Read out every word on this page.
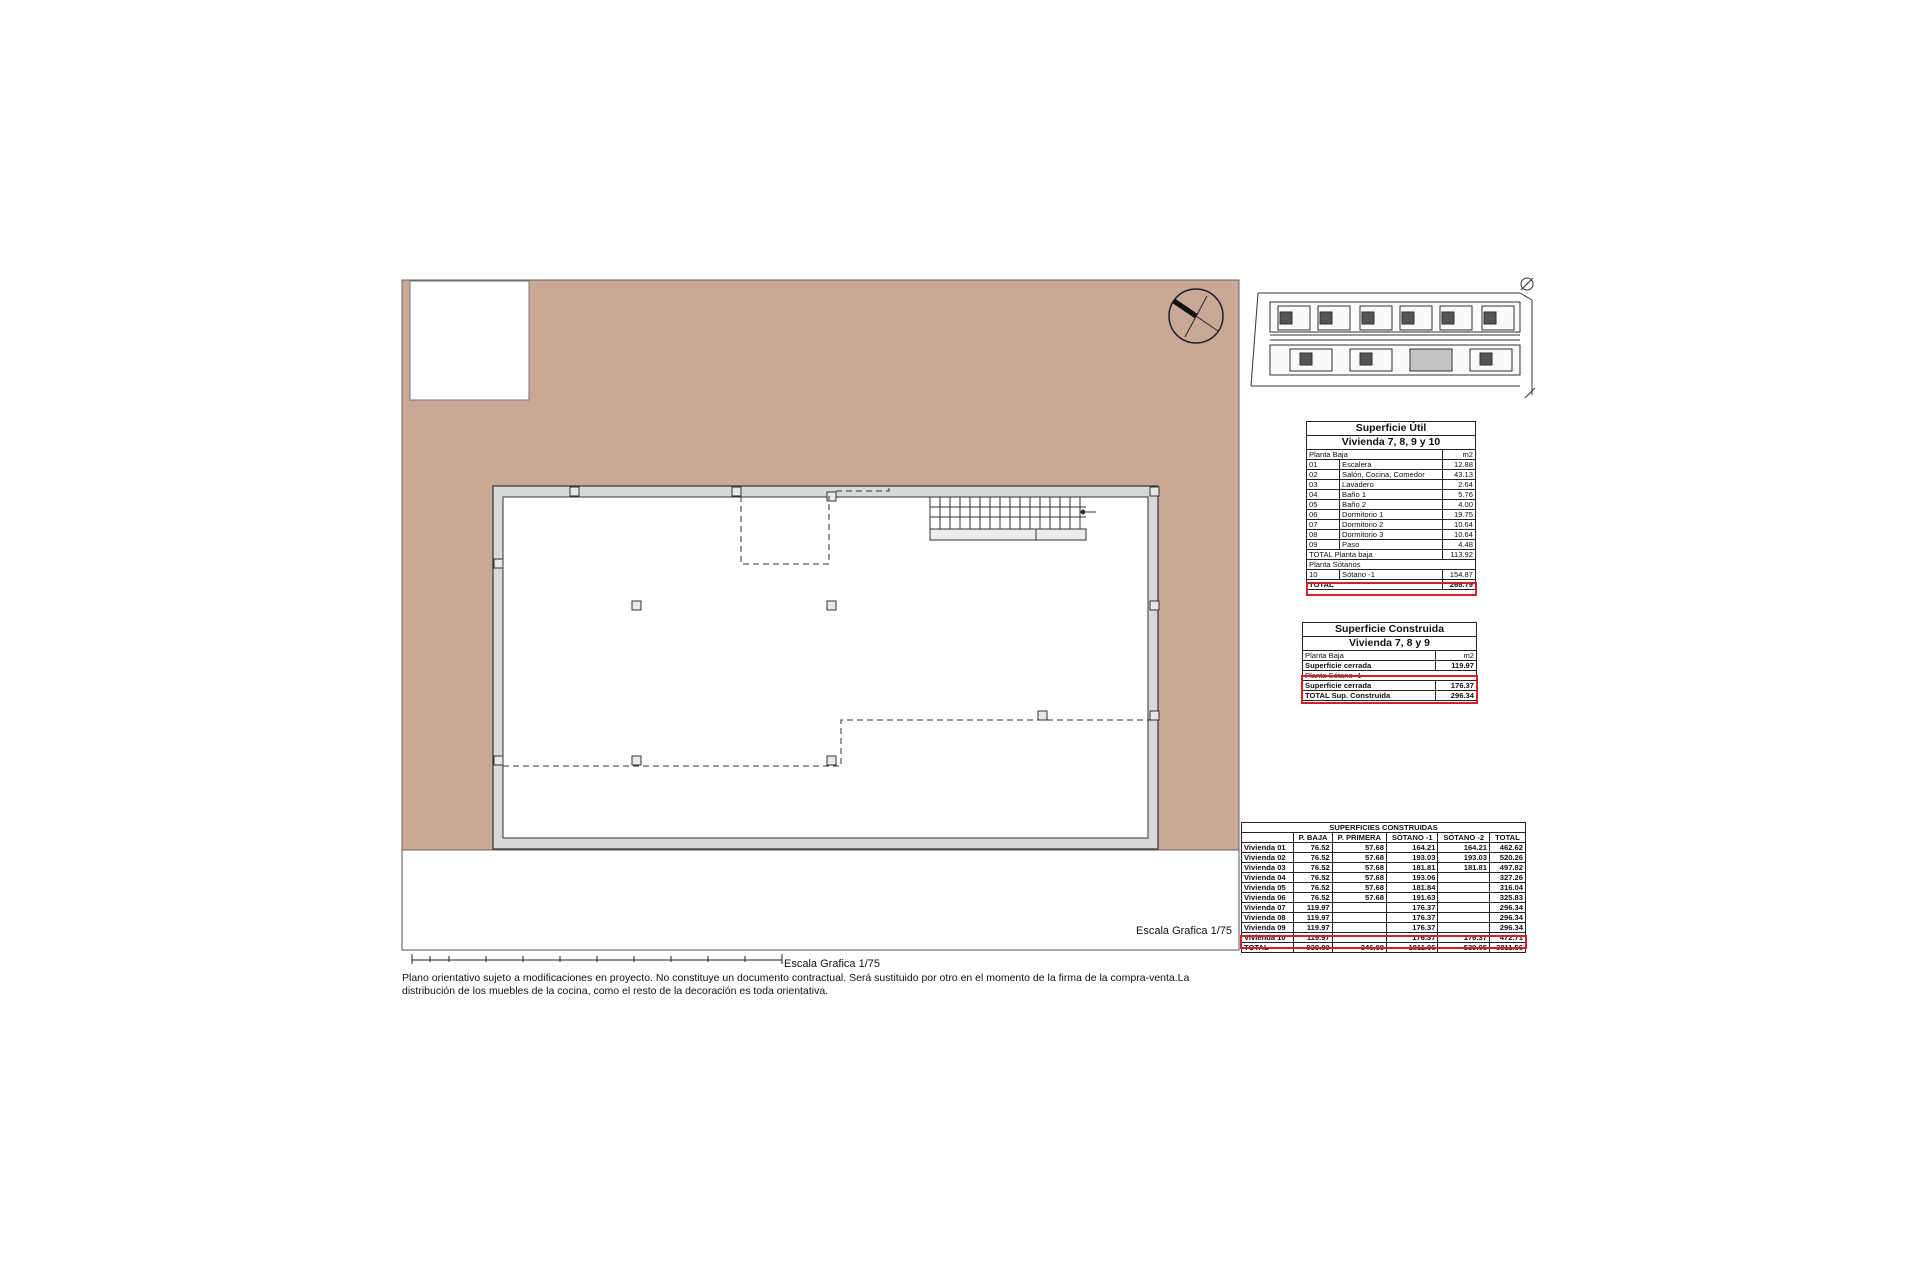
Escala Grafica 1/75
Escala Grafica 1/75
Plano orientativo sujeto a modificaciones en proyecto. No constituye un documento contractual. Será sustituido por otro en el momento de la firma de la compra-venta.La distribución de los muebles de la cocina, como el resto de la decoración es toda orientativa.
Superficie Útil		
Vivienda 7, 8, 9 y 10		
Planta Baja		m2
01	Escalera	12.88
02	Salón, Cocina, Comedor	43.13
03	Lavadero	2.64
04	Baño 1	5.76
05	Baño 2	4.00
06	Dormitorio 1	19.75
07	Dormitorio 2	10.64
08	Dormitorio 3	10.64
09	Paso	4.48
TOTAL Planta baja		113.92
Planta Sótanos		
10	Sótano -1	154.87
TOTAL		268.79
Superficie Construida	
Vivienda 7, 8 y 9	
Planta Baja	m2
Superficie cerrada	119.97
Planta Sótano -1	
Superficie cerrada	176.37
TOTAL Sup. Construida	296.34
SUPERFICIES CONSTRUIDAS					
	P. BAJA	P. PRIMERA	SÓTANO -1	SÓTANO -2	TOTAL
Vivienda 01	76.52	57.68	164.21	164.21	462.62
Vivienda 02	76.52	57.68	193.03	193.03	520.26
Vivienda 03	76.52	57.68	181.81	181.81	497.82
Vivienda 04	76.52	57.68	193.06		327.26
Vivienda 05	76.52	57.68	181.84		316.04
Vivienda 06	76.52	57.68	191.63		325.83
Vivienda 07	119.97		176.37		296.34
Vivienda 08	119.97		176.37		296.34
Vivienda 09	119.97		176.37		296.34
Vivienda 10	119.97		176.37	176.37	472.71
TOTAL	939.00	346.08	1811.06	539.05	3811.56
